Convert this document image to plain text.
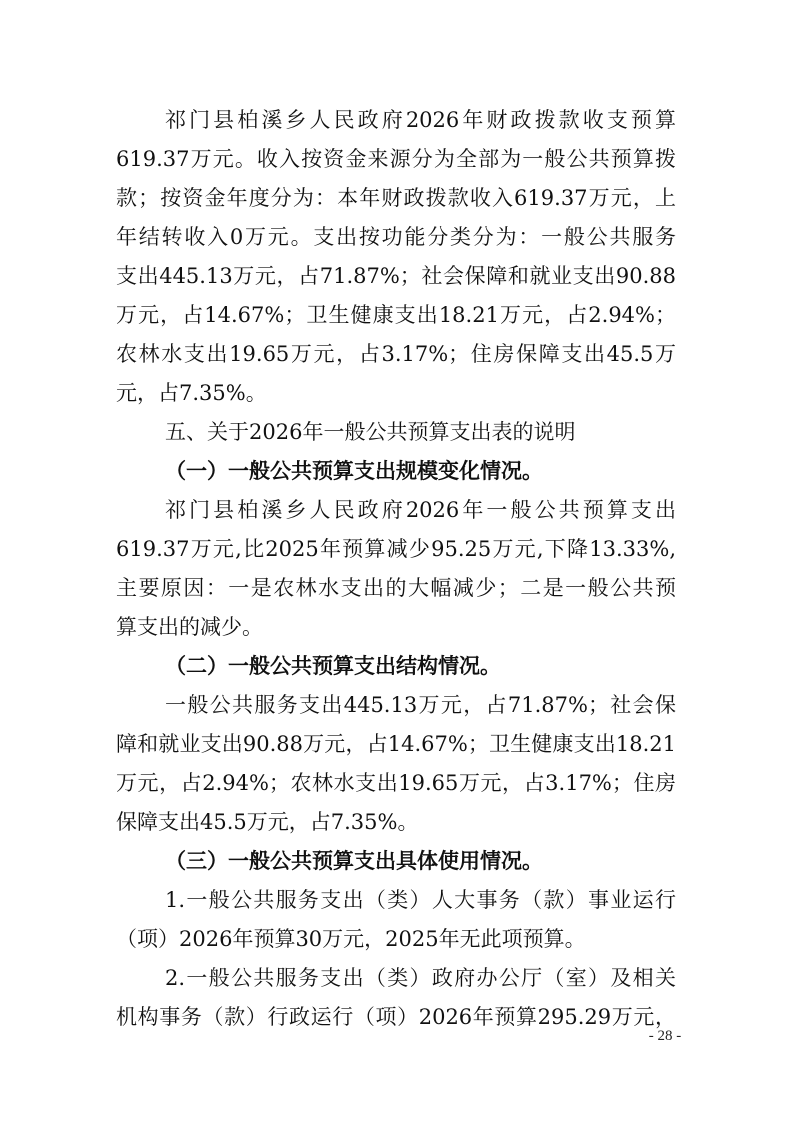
祁门县柏溪乡人民政府2026年财政拨款收支预算
619.37万元。收入按资金来源分为全部为一般公共预算拨
款；按资金年度分为：本年财政拨款收入619.37万元，上
年结转收入0万元。支出按功能分类分为：一般公共服务
支出445.13万元，占71.87%；社会保障和就业支出90.88
万元，占14.67%；卫生健康支出18.21万元，占2.94%；
农林水支出19.65万元，占3.17%；住房保障支出45.5万
元，占7.35%。
五、关于2026年一般公共预算支出表的说明
（一）一般公共预算支出规模变化情况。
祁门县柏溪乡人民政府2026年一般公共预算支出
619.37万元,比2025年预算减少95.25万元,下降13.33%,
主要原因：一是农林水支出的大幅减少；二是一般公共预
算支出的减少。
（二）一般公共预算支出结构情况。
一般公共服务支出445.13万元，占71.87%；社会保
障和就业支出90.88万元，占14.67%；卫生健康支出18.21
万元，占2.94%；农林水支出19.65万元，占3.17%；住房
保障支出45.5万元，占7.35%。
（三）一般公共预算支出具体使用情况。
1.一般公共服务支出（类）人大事务（款）事业运行
（项）2026年预算30万元，2025年无此项预算。
2.一般公共服务支出（类）政府办公厅（室）及相关
机构事务（款）行政运行（项）2026年预算295.29万元，
- 28 -
